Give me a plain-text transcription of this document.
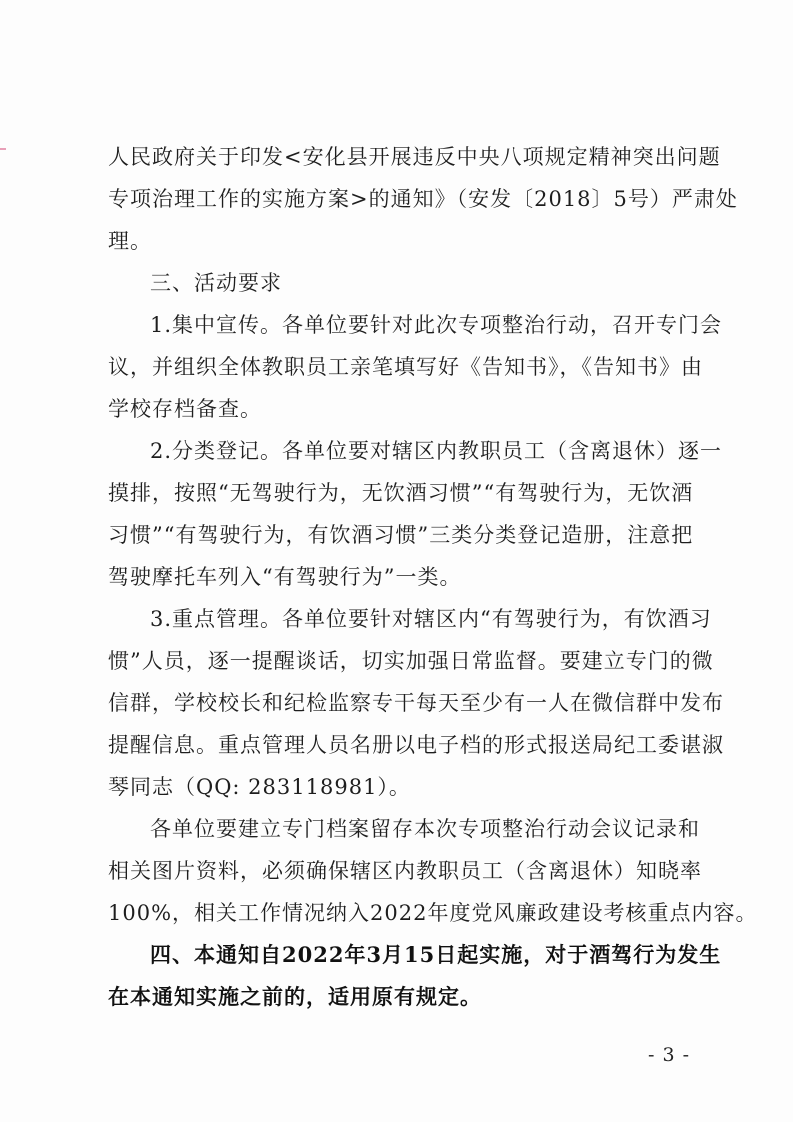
人民政府关于印发<安化县开展违反中央八项规定精神突出问题
专项治理工作的实施方案>的通知》（安发〔2018〕5号）严肃处
理。
三、活动要求
1.集中宣传。各单位要针对此次专项整治行动，召开专门会
议，并组织全体教职员工亲笔填写好《告知书》，《告知书》由
学校存档备查。
2.分类登记。各单位要对辖区内教职员工（含离退休）逐一
摸排，按照“无驾驶行为，无饮酒习惯”“有驾驶行为，无饮酒
习惯”“有驾驶行为，有饮酒习惯”三类分类登记造册，注意把
驾驶摩托车列入“有驾驶行为”一类。
3.重点管理。各单位要针对辖区内“有驾驶行为，有饮酒习
惯”人员，逐一提醒谈话，切实加强日常监督。要建立专门的微
信群，学校校长和纪检监察专干每天至少有一人在微信群中发布
提醒信息。重点管理人员名册以电子档的形式报送局纪工委谌淑
琴同志（QQ: 283118981）。
各单位要建立专门档案留存本次专项整治行动会议记录和
相关图片资料，必须确保辖区内教职员工（含离退休）知晓率
100%，相关工作情况纳入2022年度党风廉政建设考核重点内容。
四、本通知自2022年3月15日起实施，对于酒驾行为发生
在本通知实施之前的，适用原有规定。
- 3 -
